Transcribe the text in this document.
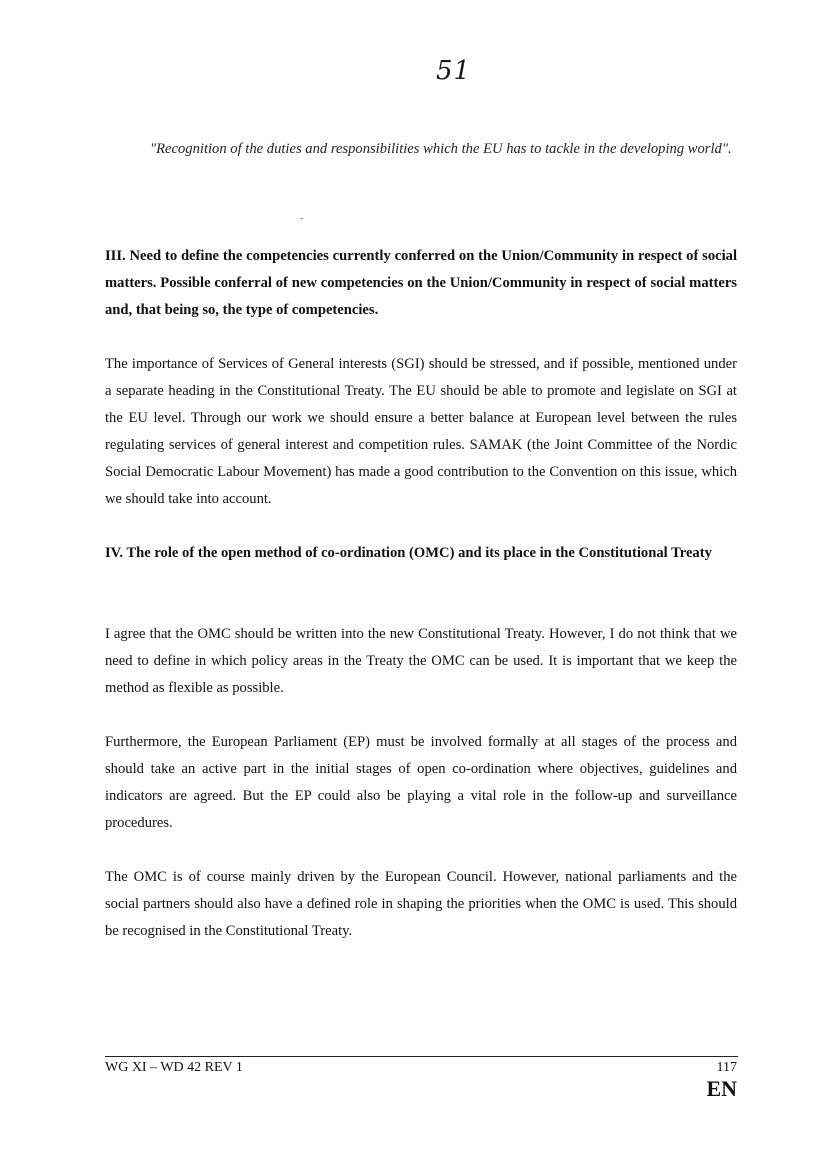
51
"Recognition of the duties and responsibilities which the EU has to tackle in the developing world".
-

III. Need to define the competencies currently conferred on the Union/Community in respect of social matters. Possible conferral of new competencies on the Union/Community in respect of social matters and, that being so, the type of competencies.

The importance of Services of General interests (SGI) should be stressed, and if possible, mentioned under a separate heading in the Constitutional Treaty. The EU should be able to promote and legislate on SGI at the EU level. Through our work we should ensure a better balance at European level between the rules regulating services of general interest and competition rules. SAMAK (the Joint Committee of the Nordic Social Democratic Labour Movement) has made a good contribution to the Convention on this issue, which we should take into account.

IV. The role of the open method of co-ordination (OMC) and its place in the Constitutional Treaty

I agree that the OMC should be written into the new Constitutional Treaty. However, I do not think that we need to define in which policy areas in the Treaty the OMC can be used. It is important that we keep the method as flexible as possible.

Furthermore, the European Parliament (EP) must be involved formally at all stages of the process and should take an active part in the initial stages of open co-ordination where objectives, guidelines and indicators are agreed. But the EP could also be playing a vital role in the follow-up and surveillance procedures.

The OMC is of course mainly driven by the European Council. However, national parliaments and the social partners should also have a defined role in shaping the priorities when the OMC is used. This should be recognised in the Constitutional Treaty.

WG XI – WD 42 REV 1	117
EN
